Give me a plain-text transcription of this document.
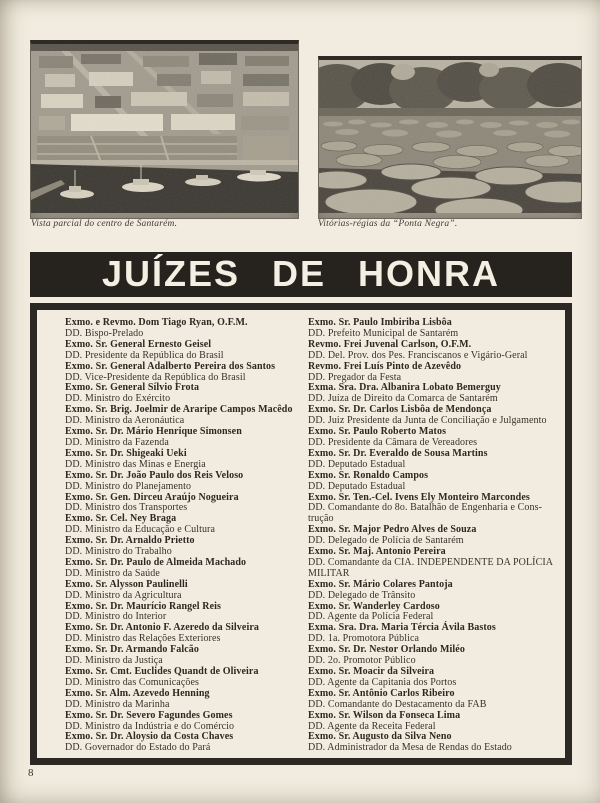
Vista parcial do centro de Santarém.	Vitórias-régias da “Ponta Negra”.
JUÍZES DE HONRA
Exmo. e Revmo. Dom Tiago Ryan, O.F.M.
DD. Bispo-Prelado
Exmo. Sr. General Ernesto Geisel
DD. Presidente da República do Brasil
Exmo. Sr. General Adalberto Pereira dos Santos
DD. Vice-Presidente da República do Brasil
Exmo. Sr. General Sílvio Frota
DD. Ministro do Exército
Exmo. Sr. Brig. Joelmir de Araripe Campos Macêdo
DD. Ministro da Aeronáutica
Exmo. Sr. Dr. Mário Henrique Simonsen
DD. Ministro da Fazenda
Exmo. Sr. Dr. Shigeaki Ueki
DD. Ministro das Minas e Energia
Exmo. Sr. Dr. João Paulo dos Reis Veloso
DD. Ministro do Planejamento
Exmo. Sr. Gen. Dirceu Araújo Nogueira
DD. Ministro dos Transportes
Exmo. Sr. Cel. Ney Braga
DD. Ministro da Educação e Cultura
Exmo. Sr. Dr. Arnaldo Prietto
DD. Ministro do Trabalho
Exmo. Sr. Dr. Paulo de Almeida Machado
DD. Ministro da Saúde
Exmo. Sr. Alysson Paulinelli
DD. Ministro da Agricultura
Exmo. Sr. Dr. Maurício Rangel Reis
DD. Ministro do Interior
Exmo. Sr. Dr. Antonio F. Azeredo da Silveira
DD. Ministro das Relações Exteriores
Exmo. Sr. Dr. Armando Falcão
DD. Ministro da Justiça
Exmo. Sr. Cmt. Euclides Quandt de Oliveira
DD. Ministro das Comunicações
Exmo. Sr. Alm. Azevedo Henning
DD. Ministro da Marinha
Exmo. Sr. Dr. Severo Fagundes Gomes
DD. Ministro da Indústria e do Comércio
Exmo. Sr. Dr. Aloysio da Costa Chaves
DD. Governador do Estado do Pará
Exmo. Sr. Paulo Imbiriba Lisbôa
DD. Prefeito Municipal de Santarém
Revmo. Frei Juvenal Carlson, O.F.M.
DD. Del. Prov. dos Pes. Franciscanos e Vigário-Geral
Revmo. Frei Luís Pinto de Azevêdo
DD. Pregador da Festa
Exma. Sra. Dra. Albanira Lobato Bemerguy
DD. Juíza de Direito da Comarca de Santarém
Exmo. Sr. Dr. Carlos Lisbôa de Mendonça
DD. Juiz Presidente da Junta de Conciliação e Julgamento
Exmo. Sr. Paulo Roberto Matos
DD. Presidente da Câmara de Vereadores
Exmo. Sr. Dr. Everaldo de Sousa Martins
DD. Deputado Estadual
Exmo. Sr. Ronaldo Campos
DD. Deputado Estadual
Exmo. Sr. Ten.-Cel. Ivens Ely Monteiro Marcondes
DD. Comandante do 8o. Batalhão de Engenharia e Cons-
trução
Exmo. Sr. Major Pedro Alves de Souza
DD. Delegado de Polícia de Santarém
Exmo. Sr. Maj. Antonio Pereira
DD. Comandante da CIA. INDEPENDENTE DA POLÍCIA
MILITAR
Exmo. Sr. Mário Colares Pantoja
DD. Delegado de Trânsito
Exmo. Sr. Wanderley Cardoso
DD. Agente da Polícia Federal
Exma. Sra. Dra. Maria Tércia Ávila Bastos
DD. 1a. Promotora Pública
Exmo. Sr. Dr. Nestor Orlando Miléo
DD. 2o. Promotor Público
Exmo. Sr. Moacir da Silveira
DD. Agente da Capitania dos Portos
Exmo. Sr. Antônio Carlos Ribeiro
DD. Comandante do Destacamento da FAB
Exmo. Sr. Wilson da Fonseca Lima
DD. Agente da Receita Federal
Exmo. Sr. Augusto da Silva Neno
DD. Administrador da Mesa de Rendas do Estado
8
